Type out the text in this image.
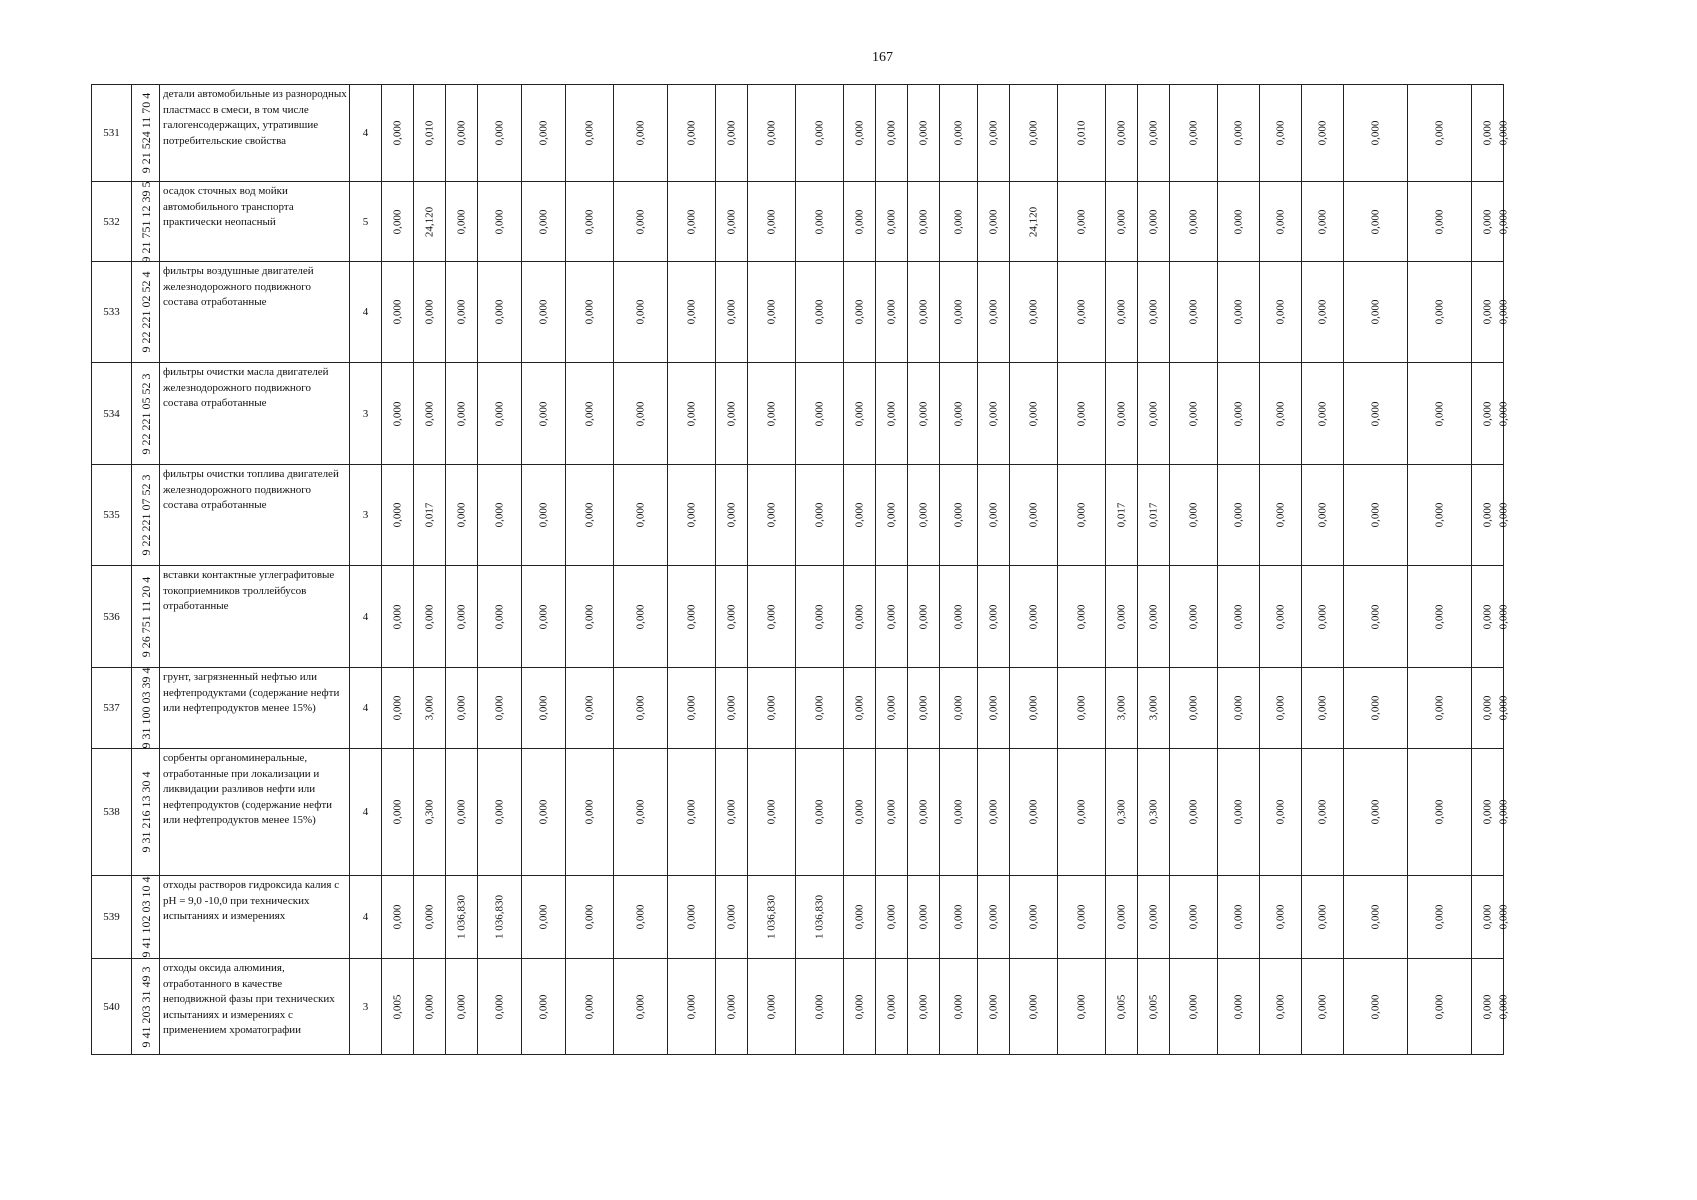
167
531	9 21 524 11 70 4	детали автомобильные из разнородных пластмасс в смеси, в том числе галогенсодержащих, утратившие потребительские свойства	4	0,000	0,010	0,000	0,000	0,000	0,000	0,000	0,000	0,000	0,000	0,000	0,000	0,000	0,000	0,000	0,000	0,000	0,010	0,000	0,000	0,000	0,000	0,000	0,000	0,000	0,000	0,000	0,000

532	9 21 751 12 39 5	осадок сточных вод мойки автомобильного транспорта практически неопасный	5	0,000	24,120	0,000	0,000	0,000	0,000	0,000	0,000	0,000	0,000	0,000	0,000	0,000	0,000	0,000	0,000	24,120	0,000	0,000	0,000	0,000	0,000	0,000	0,000	0,000	0,000	0,000	0,000

533	9 22 221 02 52 4	фильтры воздушные двигателей железнодорожного подвижного состава отработанные	4	0,000	0,000	0,000	0,000	0,000	0,000	0,000	0,000	0,000	0,000	0,000	0,000	0,000	0,000	0,000	0,000	0,000	0,000	0,000	0,000	0,000	0,000	0,000	0,000	0,000	0,000	0,000	0,000

534	9 22 221 05 52 3	фильтры очистки масла двигателей железнодорожного подвижного состава отработанные	3	0,000	0,000	0,000	0,000	0,000	0,000	0,000	0,000	0,000	0,000	0,000	0,000	0,000	0,000	0,000	0,000	0,000	0,000	0,000	0,000	0,000	0,000	0,000	0,000	0,000	0,000	0,000	0,000

535	9 22 221 07 52 3	фильтры очистки топлива двигателей железнодорожного подвижного состава отработанные	3	0,000	0,017	0,000	0,000	0,000	0,000	0,000	0,000	0,000	0,000	0,000	0,000	0,000	0,000	0,000	0,000	0,000	0,000	0,017	0,017	0,000	0,000	0,000	0,000	0,000	0,000	0,000	0,000

536	9 26 751 11 20 4	вставки контактные углеграфитовые токоприемников троллейбусов отработанные	4	0,000	0,000	0,000	0,000	0,000	0,000	0,000	0,000	0,000	0,000	0,000	0,000	0,000	0,000	0,000	0,000	0,000	0,000	0,000	0,000	0,000	0,000	0,000	0,000	0,000	0,000	0,000	0,000

537	9 31 100 03 39 4	грунт, загрязненный нефтью или нефтепродуктами (содержание нефти или нефтепродуктов менее 15%)	4	0,000	3,000	0,000	0,000	0,000	0,000	0,000	0,000	0,000	0,000	0,000	0,000	0,000	0,000	0,000	0,000	0,000	0,000	3,000	3,000	0,000	0,000	0,000	0,000	0,000	0,000	0,000	0,000

538	9 31 216 13 30 4	сорбенты органоминеральные, отработанные при локализации и ликвидации разливов нефти или нефтепродуктов (содержание нефти или нефтепродуктов менее 15%)	4	0,000	0,300	0,000	0,000	0,000	0,000	0,000	0,000	0,000	0,000	0,000	0,000	0,000	0,000	0,000	0,000	0,000	0,000	0,300	0,300	0,000	0,000	0,000	0,000	0,000	0,000	0,000	0,000

539	9 41 102 03 10 4	отходы растворов гидроксида калия с pH = 9,0 -10,0 при технических испытаниях и измерениях	4	0,000	0,000	1 036,830	1 036,830	0,000	0,000	0,000	0,000	0,000	1 036,830	1 036,830	0,000	0,000	0,000	0,000	0,000	0,000	0,000	0,000	0,000	0,000	0,000	0,000	0,000	0,000	0,000	0,000	0,000

540	9 41 203 31 49 3	отходы оксида алюминия, отработанного в качестве неподвижной фазы при технических испытаниях и измерениях с применением хроматографии	3	0,005	0,000	0,000	0,000	0,000	0,000	0,000	0,000	0,000	0,000	0,000	0,000	0,000	0,000	0,000	0,000	0,000	0,000	0,005	0,005	0,000	0,000	0,000	0,000	0,000	0,000	0,000	0,000
